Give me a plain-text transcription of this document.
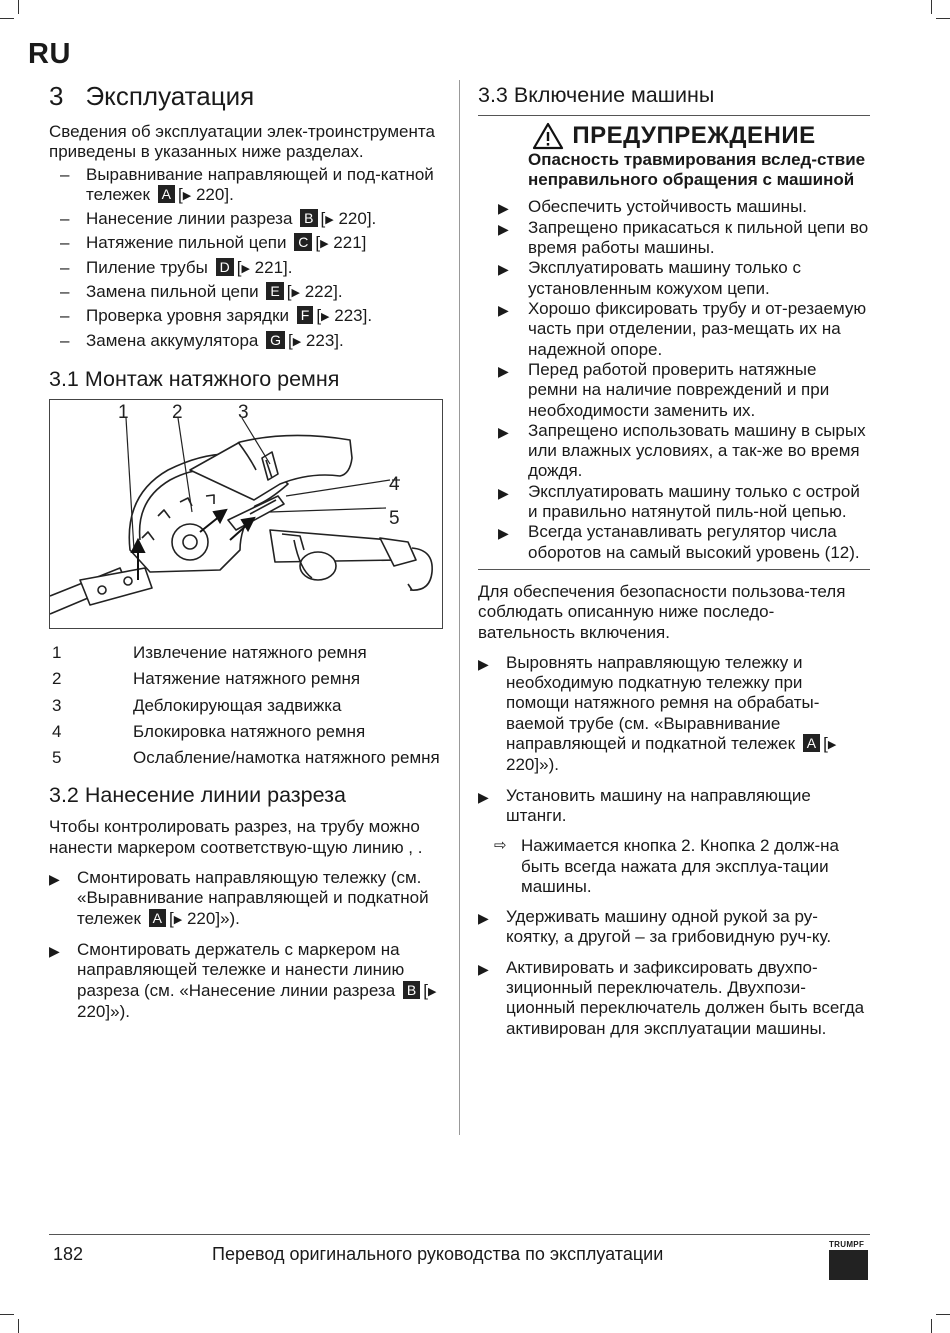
RU
3 Эксплуатация

Сведения об эксплуатации элек-троинструмента приведены в указанных ниже разделах.

– Выравнивание направляющей и под-катной тележек A [▶ 220].
– Нанесение линии разреза B [▶ 220].
– Натяжение пильной цепи C [▶ 221]
– Пиление трубы D [▶ 221].
– Замена пильной цепи E [▶ 222].
– Проверка уровня зарядки F [▶ 223].
– Замена аккумулятора G [▶ 223].
3.1 Монтаж натяжного ремня
1 2	3
4
5
1	Извлечение натяжного ремня
2	Натяжение натяжного ремня
3	Деблокирующая задвижка
4	Блокировка натяжного ремня
5	Ослабление/намотка натяжного ремня
3.2 Нанесение линии разреза

Чтобы контролировать разрез, на трубу можно нанести маркером соответствую-щую линию , .

▶	Смонтировать направляющую тележку (см. «Выравнивание направляющей и подкатной тележек A [▶ 220]»).
▶	Смонтировать держатель с маркером на направляющей тележке и нанести линию разреза (см. «Нанесение линии разреза B [▶ 220]»).
3.3 Включение машины
ПРЕДУПРЕЖДЕНИЕ
Опасность травмирования вслед-ствие неправильного обращения с машиной
▶	Обеспечить устойчивость машины.
▶	Запрещено прикасаться к пильной цепи во время работы машины.
▶	Эксплуатировать машину только с установленным кожухом цепи.
▶	Хорошо фиксировать трубу и от-резаемую часть при отделении, раз-мещать их на надежной опоре.
▶	Перед работой проверить натяжные ремни на наличие повреждений и при необходимости заменить их.
▶	Запрещено использовать машину в сырых или влажных условиях, а так-же во время дождя.
▶	Эксплуатировать машину только с острой и правильно натянутой пиль-ной цепью.
▶	Всегда устанавливать регулятор числа оборотов на самый высокий уровень (12).

Для обеспечения безопасности пользова-теля соблюдать описанную ниже последо-вательность включения.

▶	Выровнять направляющую тележку и необходимую подкатную тележку при помощи натяжного ремня на обрабаты-ваемой трубе (см. «Выравнивание направляющей и подкатной тележек A [▶ 220]»).
▶	Установить машину на направляющие штанги.
⇨ Нажимается кнопка 2. Кнопка 2 долж-на быть всегда нажата для эксплуа-тации машины.
▶	Удерживать машину одной рукой за ру-коятку, а другой – за грибовидную руч-ку.
▶	Активировать и зафиксировать двухпо-зиционный переключатель. Двухпози-ционный переключатель должен быть всегда активирован для эксплуатации машины.
182	Перевод оригинального руководства по эксплуатации	TRUMPF
